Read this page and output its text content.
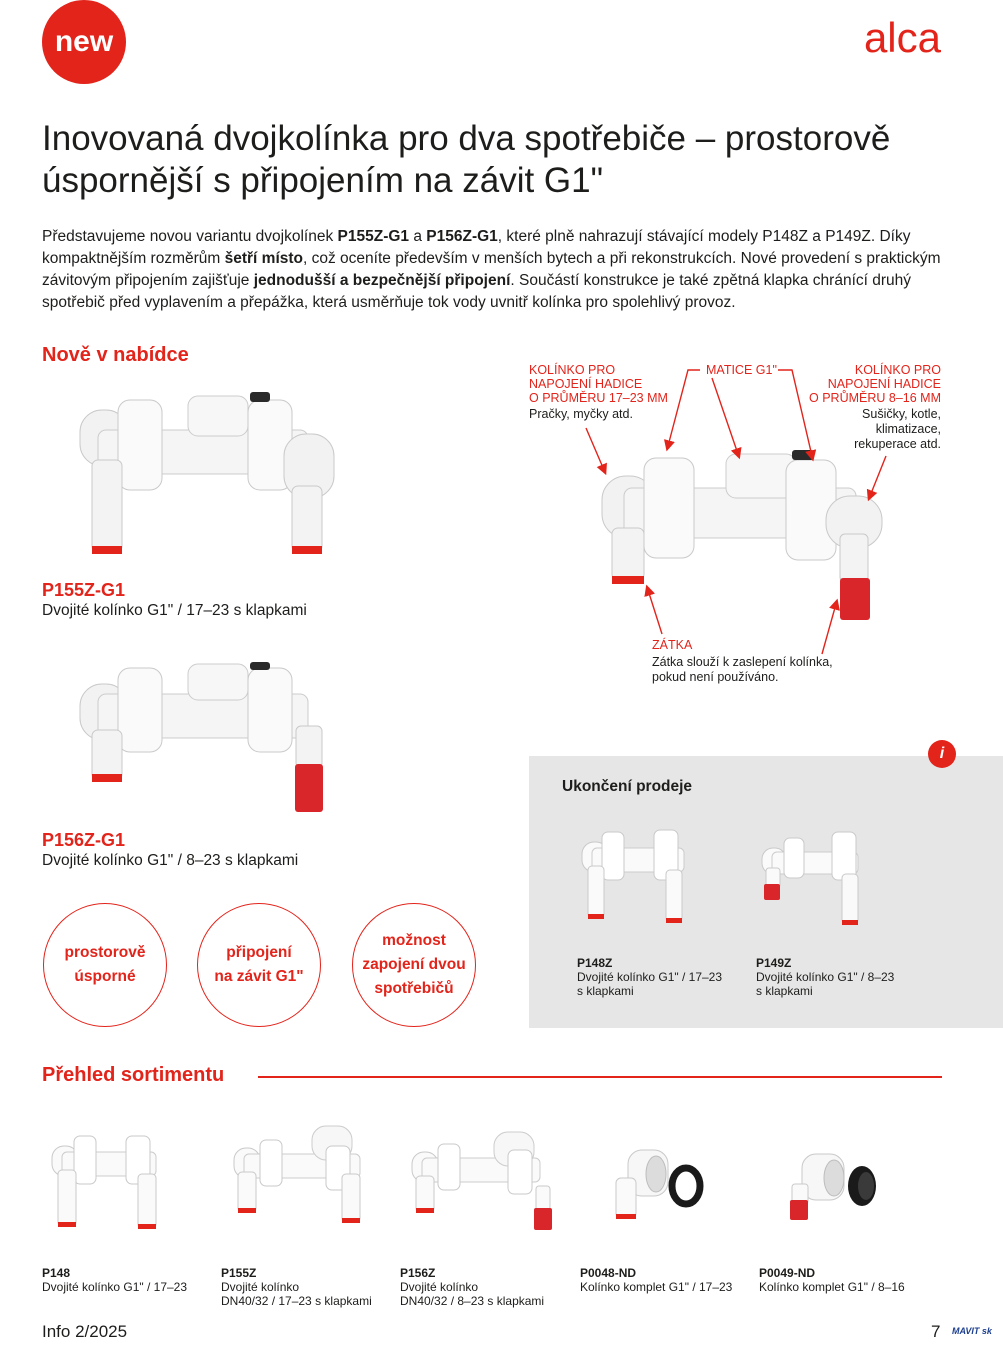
new	alca
Inovovaná dvojkolínka pro dva spotřebiče – prostorově úspornější s připojením na závit G1"

Představujeme novou variantu dvojkolínek P155Z-G1 a P156Z-G1, které plně nahrazují stávající modely P148Z a P149Z. Díky kompaktnějším rozměrům šetří místo, což oceníte především v menších bytech a při rekonstrukcích. Nové provedení s praktickým závitovým připojením zajišťuje jednodušší a bezpečnější připojení. Součástí konstrukce je také zpětná klapka chránící druhý spotřebič před vyplavením a přepážka, která usměrňuje tok vody uvnitř kolínka pro spolehlivý provoz.

Nově v nabídce
P155Z-G1
Dvojité kolínko G1" / 17–23 s klapkami
P156Z-G1
Dvojité kolínko G1" / 8–23 s klapkami
KOLÍNKO PRO
NAPOJENÍ HADICE
O PRŮMĚRU 17–23 MM
Pračky, myčky atd.
MATICE G1"	KOLÍNKO PRO
NAPOJENÍ HADICE
O PRŮMĚRU 8–16 MM
Sušičky, kotle,
klimatizace,
rekuperace atd.
ZÁTKA
Zátka slouží k zaslepení kolínka,
pokud není používáno.
prostorově
úsporné
připojení
na závit G1"
možnost
zapojení dvou
spotřebičů
i
Ukončení prodeje
P148Z
Dvojité kolínko G1" / 17–23
s klapkami
P149Z
Dvojité kolínko G1" / 8–23
s klapkami
Přehled sortimentu
P148
Dvojité kolínko G1" / 17–23
P155Z
Dvojité kolínko
DN40/32 / 17–23 s klapkami
P156Z
Dvojité kolínko
DN40/32 / 8–23 s klapkami
P0048-ND
Kolínko komplet G1" / 17–23
P0049-ND
Kolínko komplet G1" / 8–16
Info 2/2025	7 MAVIT sk
